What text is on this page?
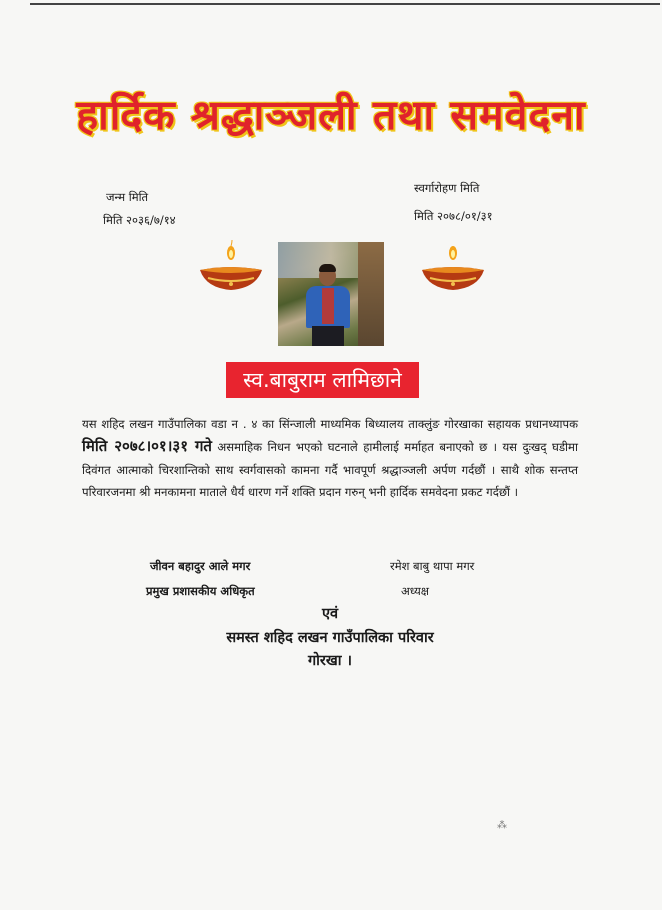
हार्दिक श्रद्धाञ्जली तथा समवेदना
जन्म मिति
मिति २०३६/७/१४
स्वर्गारोहण मिति
मिति २०७८/०१/३१
स्व.बाबुराम लामिछाने
यस शहिद लखन गाउँपालिका वडा न . ४ का सिंन्जाली माध्यमिक बिध्यालय ताक्लुंङ गोरखाका सहायक प्रधानध्यापक मिति २०७८।०१।३१ गते असमाहिक निधन भएको घटनाले हामीलाई मर्माहत बनाएको छ । यस दुःखद् घडीमा दिवंगत आत्माको चिरशान्तिको साथ स्वर्गवासको कामना गर्दै भावपूर्ण श्रद्धाञ्जली अर्पण गर्दछौं । साथै शोक सन्तप्त परिवारजनमा श्री मनकामना माताले धैर्य धारण गर्ने शक्ति प्रदान गरुन् भनी हार्दिक समवेदना प्रकट गर्दछौं ।
जीवन बहादुर आले मगर
प्रमुख प्रशासकीय अधिकृत
रमेश बाबु थापा मगर
अध्यक्ष
एवं
समस्त शहिद लखन गाउँपालिका परिवार
गोरखा ।
⁂
